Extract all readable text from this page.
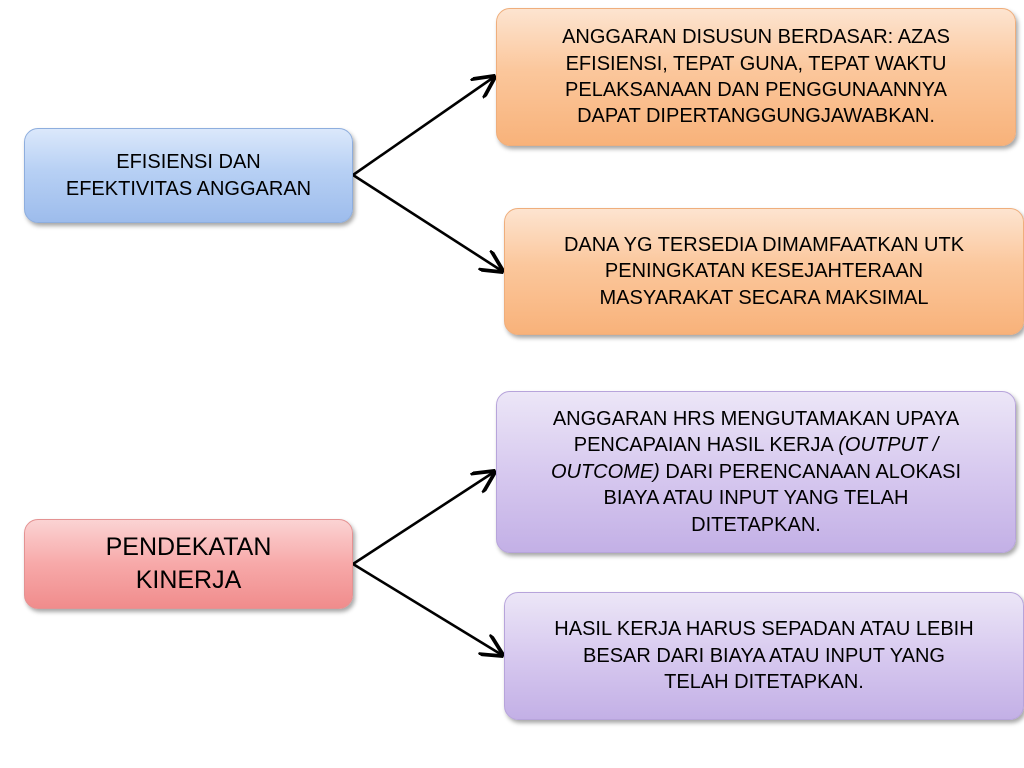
EFISIENSI DAN
EFEKTIVITAS ANGGARAN
ANGGARAN DISUSUN BERDASAR: AZAS
EFISIENSI, TEPAT GUNA, TEPAT WAKTU
PELAKSANAAN DAN PENGGUNAANNYA
DAPAT DIPERTANGGUNGJAWABKAN.
DANA YG TERSEDIA DIMAMFAATKAN UTK
PENINGKATAN KESEJAHTERAAN
MASYARAKAT SECARA MAKSIMAL
PENDEKATAN
KINERJA
ANGGARAN HRS MENGUTAMAKAN UPAYA
PENCAPAIAN HASIL KERJA (OUTPUT /
OUTCOME) DARI PERENCANAAN ALOKASI
BIAYA ATAU INPUT YANG TELAH
DITETAPKAN.
HASIL KERJA HARUS SEPADAN ATAU LEBIH
BESAR DARI BIAYA ATAU INPUT YANG
TELAH DITETAPKAN.
